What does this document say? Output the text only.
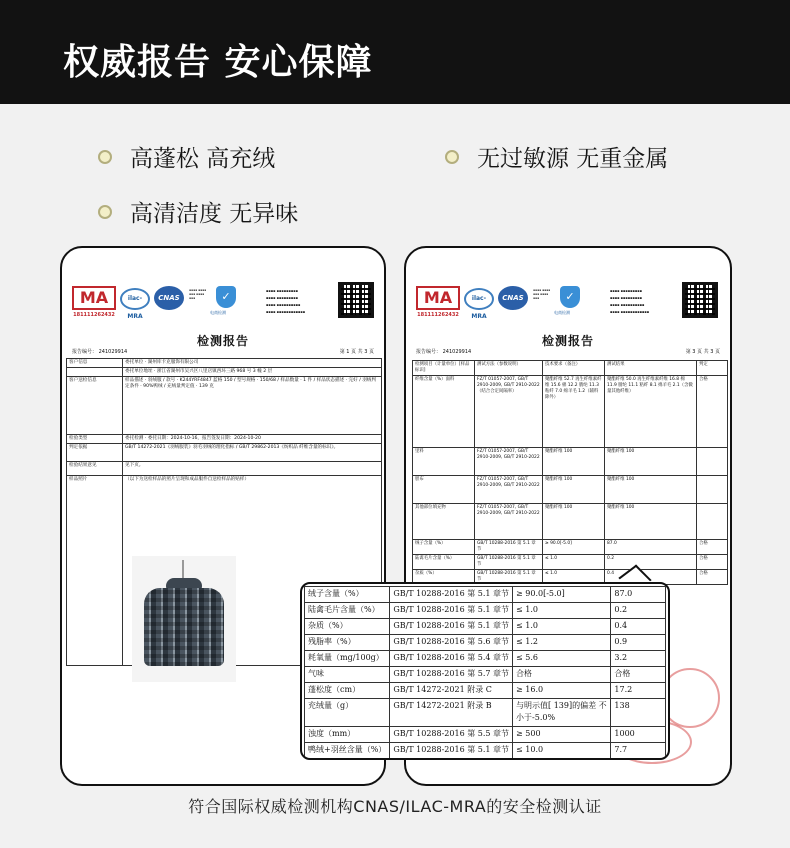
权威报告 安心保障
高蓬松 高充绒	无过敏源 无重金属
高清洁度 无异味
MA
181111262432
ilac-MRA
CNAS
▪▪▪▪ ▪▪▪▪ ▪▪▪ ▪▪▪▪ ▪▪▪	✓
电商检测
▪▪▪▪ ▪▪▪▪▪▪▪▪▪
▪▪▪▪ ▪▪▪▪▪▪▪▪▪
▪▪▪▪ ▪▪▪▪▪▪▪▪▪▪
▪▪▪▪ ▪▪▪▪▪▪▪▪▪▪▪▪
检测报告
报告编号： 241029914	第 1 页 共 3 页
客户信息	委托单位 · 湖州库卡克服饰有限公司
	委托单位地址 · 浙江省湖州市吴兴区八里店镇西环三路 968 号 3 幢 2 层
客户送检信息	样品描述 · 羽绒服 / 款号 · K244YRF4847 蓝格 150 / 型号规格 · 150/68 / 样品数量 · 1 件 / 样品状态描述 · 完好 / 羽绒判定条件 · 90%鸭绒 / 充绒量判定值 · 139 克
检验类型	委托检测 · 委托日期：2024-10-16，报告签发日期：2024-10-20
判定依据	GB/T 14272-2021《羽绒服装》羽毛羽绒的理化指标 / GB/T 29862-2013《纺织品 纤维含量的标识》。
检验结果意见	见下页。
样品照片	（以下为送检样品的照片呈现和成品服件自送检样品的贴样）
MA
181111262432
ilac-MRA
CNAS
▪▪▪▪ ▪▪▪▪ ▪▪▪ ▪▪▪▪ ▪▪▪	✓
电商检测
▪▪▪▪ ▪▪▪▪▪▪▪▪▪
▪▪▪▪ ▪▪▪▪▪▪▪▪▪
▪▪▪▪ ▪▪▪▪▪▪▪▪▪▪
▪▪▪▪ ▪▪▪▪▪▪▪▪▪▪▪▪
检测报告
报告编号： 241029914	第 3 页 共 3 页
检测项目（计量单位）[样品标识]	测试方法（参数说明）	技术要求（备注）	测试结果	判定
纤维含量（%）面料	FZ/T 01057-2007, GB/T 2910-2009, GB/T 2910-2022（结合合定间隔率）	聚酯纤维 52.7 再生纤维素纤维 15.6 棉 12.2 腈纶 11.3 粘纤 7.0 绵羊毛 1.2（辅料除外）	聚酯纤维 50.0 再生纤维素纤维 16.8 棉 11.9 腈纶 11.1 粘纤 8.1 绵羊毛 2.1（含微量其他纤维）	合格
里料	FZ/T 01057-2007, GB/T 2910-2009, GB/T 2910-2022	聚酯纤维 100	聚酯纤维 100	
胆布	FZ/T 01057-2007, GB/T 2910-2009, GB/T 2910-2022	聚酯纤维 100	聚酯纤维 100	
其他部位填充物	FZ/T 01057-2007, GB/T 2910-2009, GB/T 2910-2022	聚酯纤维 100	聚酯纤维 100	
绒子含量（%）	GB/T 10288-2016 第 5.1 章节	≥ 90.0[-5.0]	87.0	合格
陆禽毛片含量（%）	GB/T 10288-2016 第 5.1 章节	≤ 1.0	0.2	合格
杂质（%）	GB/T 10288-2016 第 5.1 章节	≤ 1.0	0.4	合格
绒子含量（%）	GB/T 10288-2016 第 5.1 章节	≥ 90.0[-5.0]	87.0
陆禽毛片含量（%）	GB/T 10288-2016 第 5.1 章节	≤ 1.0	0.2
杂质（%）	GB/T 10288-2016 第 5.1 章节	≤ 1.0	0.4
残脂率（%）	GB/T 10288-2016 第 5.6 章节	≤ 1.2	0.9
耗氧量（mg/100g）	GB/T 10288-2016 第 5.4 章节	≤ 5.6	3.2
气味	GB/T 10288-2016 第 5.7 章节	合格	合格
蓬松度（cm）	GB/T 14272-2021 附录 C	≥ 16.0	17.2
充绒量（g）	GB/T 14272-2021 附录 B	与明示值[ 139]的偏差 不小于-5.0%	138
浊度（mm）	GB/T 10288-2016 第 5.5 章节	≥ 500	1000
鸭绒+羽丝含量（%）	GB/T 10288-2016 第 5.1 章节	≤ 10.0	7.7
符合国际权威检测机构CNAS/ILAC-MRA的安全检测认证
